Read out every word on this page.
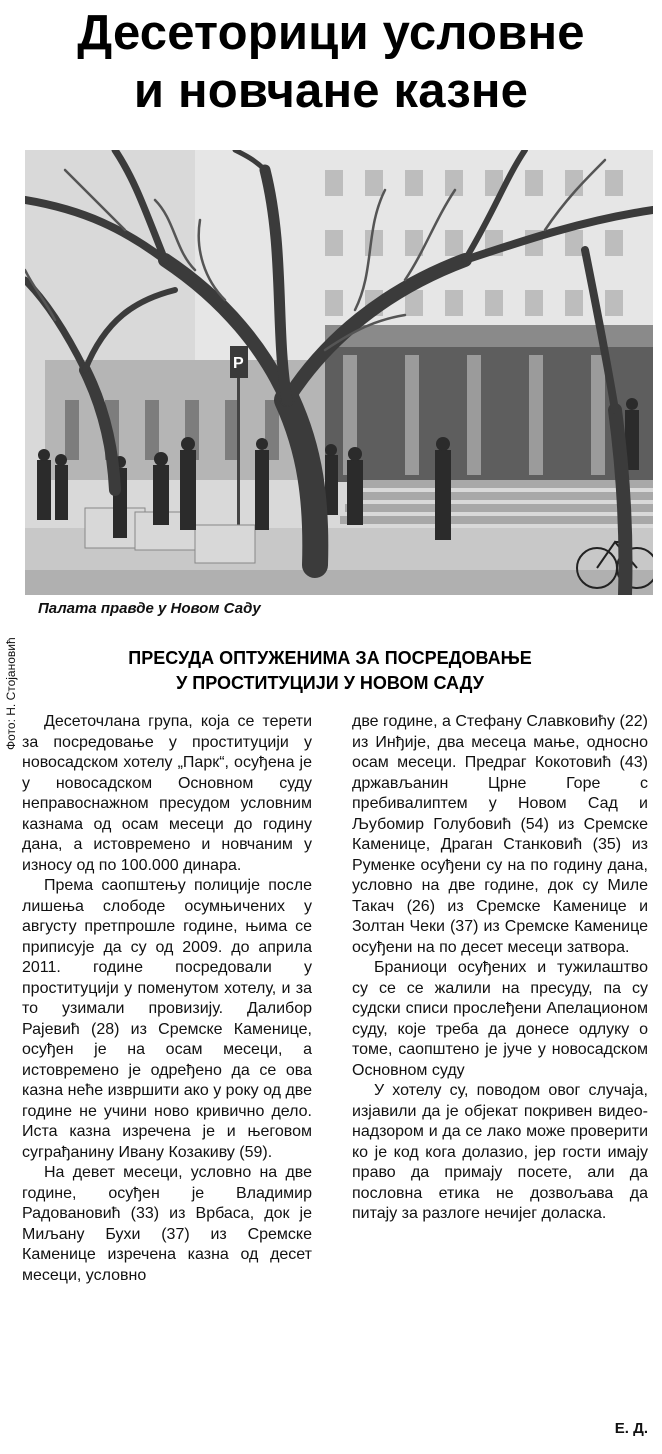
Десеторици условне
и новчане казне
P
Фото: Н. Стојановић
Палата правде у Новом Саду
ПРЕСУДА ОПТУЖЕНИМА ЗА ПОСРЕДОВАЊЕ
У ПРОСТИТУЦИЈИ У НОВОМ САДУ

Десеточлана група, која се терети за посредовање у проституцији у новосадском хотелу „Парк“, осуђена је у новосадском Основном суду неправоснажном пресудом условним казнама од осам месеци до годину дана, а истовремено и новчаним у износу од по 100.000 динара.

Према саопштењу полиције после лишења слободе осумњичених у августу претпрошле године, њима се приписује да су од 2009. до априла 2011. године посредовали у проституцији у поменутом хотелу, и за то узимали провизију. Далибор Рајевић (28) из Сремске Каменице, осуђен је на осам месеци, а истовремено је одређено да се ова казна неће извршити ако у року од две године не учини ново кривично дело. Иста казна изречена је и његовом суграђанину Ивану Козакиву (59).

На девет месеци, условно на две године, осуђен је Владимир Радовановић (33) из Врбаса, док је Миљану Бухи (37) из Сремске Каменице изречена казна од десет месеци, условно

две године, а Стефану Славковићу (22) из Инђије, два месеца мање, односно осам месеци. Предраг Кокотовић (43) држављанин Црне Горе с пребивалиптем у Новом Сад и Љубомир Голубовић (54) из Сремске Каменице, Драган Станковић (35) из Руменке осуђени су на по годину дана, условно на две године, док су Миле Такач (26) из Сремске Каменице и Золтан Чеки (37) из Сремске Каменице осуђени на по десет месеци затвора.

Браниоци осуђених и тужилаштво су се се жалили на пресуду, па су судски списи прослеђени Апелационом суду, које треба да донесе одлуку о томе, саопштено је јуче у новосадском Основном суду

У хотелу су, поводом овог случаја, изјавили да је објекат покривен видео-надзором и да се лако може проверити ко је код кога долазио, јер гости имају право да примају посете, али да пословна етика не дозвољава да питају за разлоге нечијег доласка.

Е. Д.
